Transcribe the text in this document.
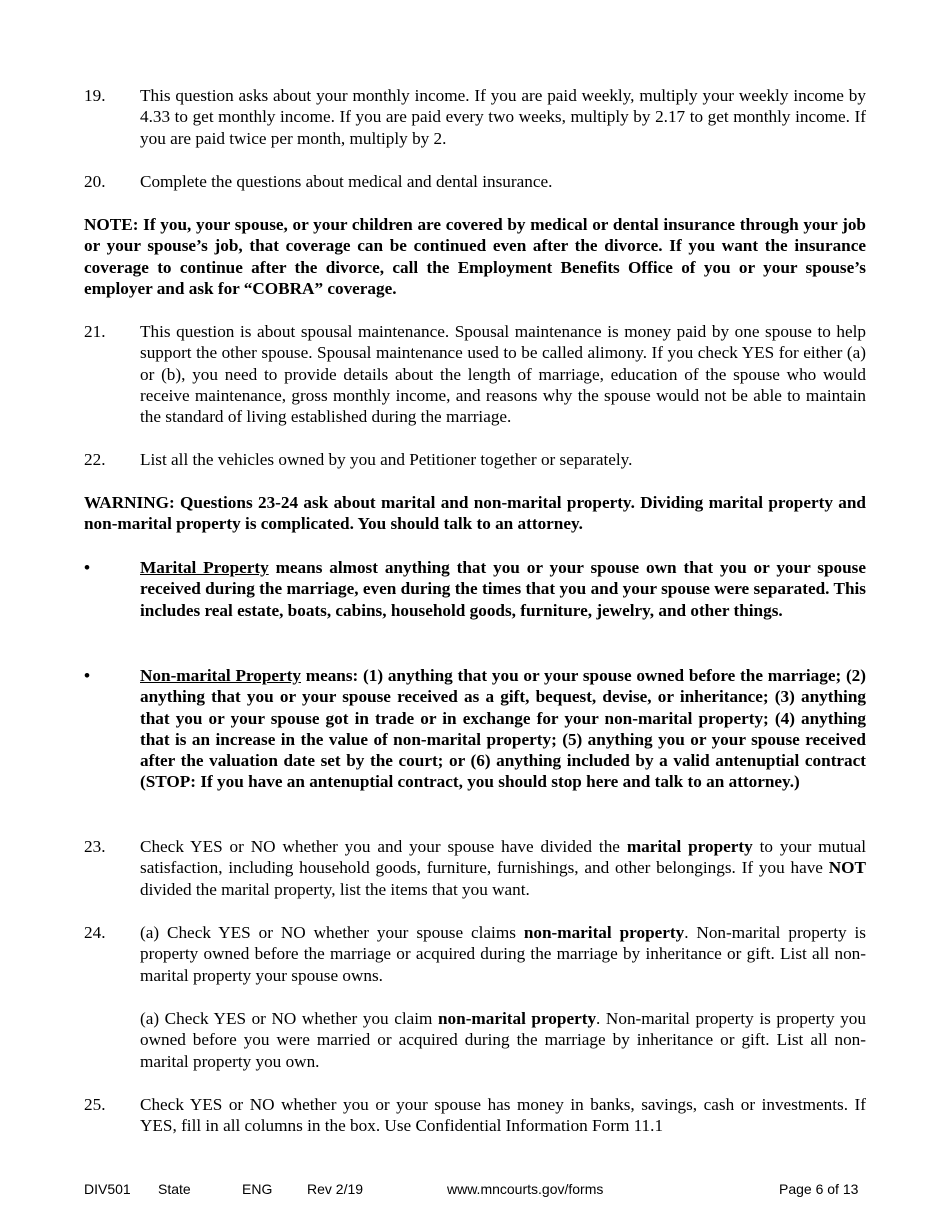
19.	This question asks about your monthly income. If you are paid weekly, multiply your weekly income by 4.33 to get monthly income. If you are paid every two weeks, multiply by 2.17 to get monthly income. If you are paid twice per month, multiply by 2.
20.	Complete the questions about medical and dental insurance.
NOTE: If you, your spouse, or your children are covered by medical or dental insurance through your job or your spouse’s job, that coverage can be continued even after the divorce. If you want the insurance coverage to continue after the divorce, call the Employment Benefits Office of you or your spouse’s employer and ask for “COBRA” coverage.
21.	This question is about spousal maintenance. Spousal maintenance is money paid by one spouse to help support the other spouse. Spousal maintenance used to be called alimony. If you check YES for either (a) or (b), you need to provide details about the length of marriage, education of the spouse who would receive maintenance, gross monthly income, and reasons why the spouse would not be able to maintain the standard of living established during the marriage.
22.	List all the vehicles owned by you and Petitioner together or separately.
WARNING: Questions 23-24 ask about marital and non-marital property. Dividing marital property and non-marital property is complicated. You should talk to an attorney.
•	Marital Property means almost anything that you or your spouse own that you or your spouse received during the marriage, even during the times that you and your spouse were separated. This includes real estate, boats, cabins, household goods, furniture, jewelry, and other things.
•	Non-marital Property means: (1) anything that you or your spouse owned before the marriage; (2) anything that you or your spouse received as a gift, bequest, devise, or inheritance; (3) anything that you or your spouse got in trade or in exchange for your non-marital property; (4) anything that is an increase in the value of non-marital property; (5) anything you or your spouse received after the valuation date set by the court; or (6) anything included by a valid antenuptial contract (STOP: If you have an antenuptial contract, you should stop here and talk to an attorney.)
23.	Check YES or NO whether you and your spouse have divided the marital property to your mutual satisfaction, including household goods, furniture, furnishings, and other belongings. If you have NOT divided the marital property, list the items that you want.
24.	(a) Check YES or NO whether your spouse claims non-marital property. Non-marital property is property owned before the marriage or acquired during the marriage by inheritance or gift. List all non-marital property your spouse owns.
(a) Check YES or NO whether you claim non-marital property. Non-marital property is property you owned before you were married or acquired during the marriage by inheritance or gift. List all non-marital property you own.
25.	Check YES or NO whether you or your spouse has money in banks, savings, cash or investments. If YES, fill in all columns in the box. Use Confidential Information Form 11.1
DIV501 State	ENG Rev 2/19	www.mncourts.gov/forms	Page 6 of 13
